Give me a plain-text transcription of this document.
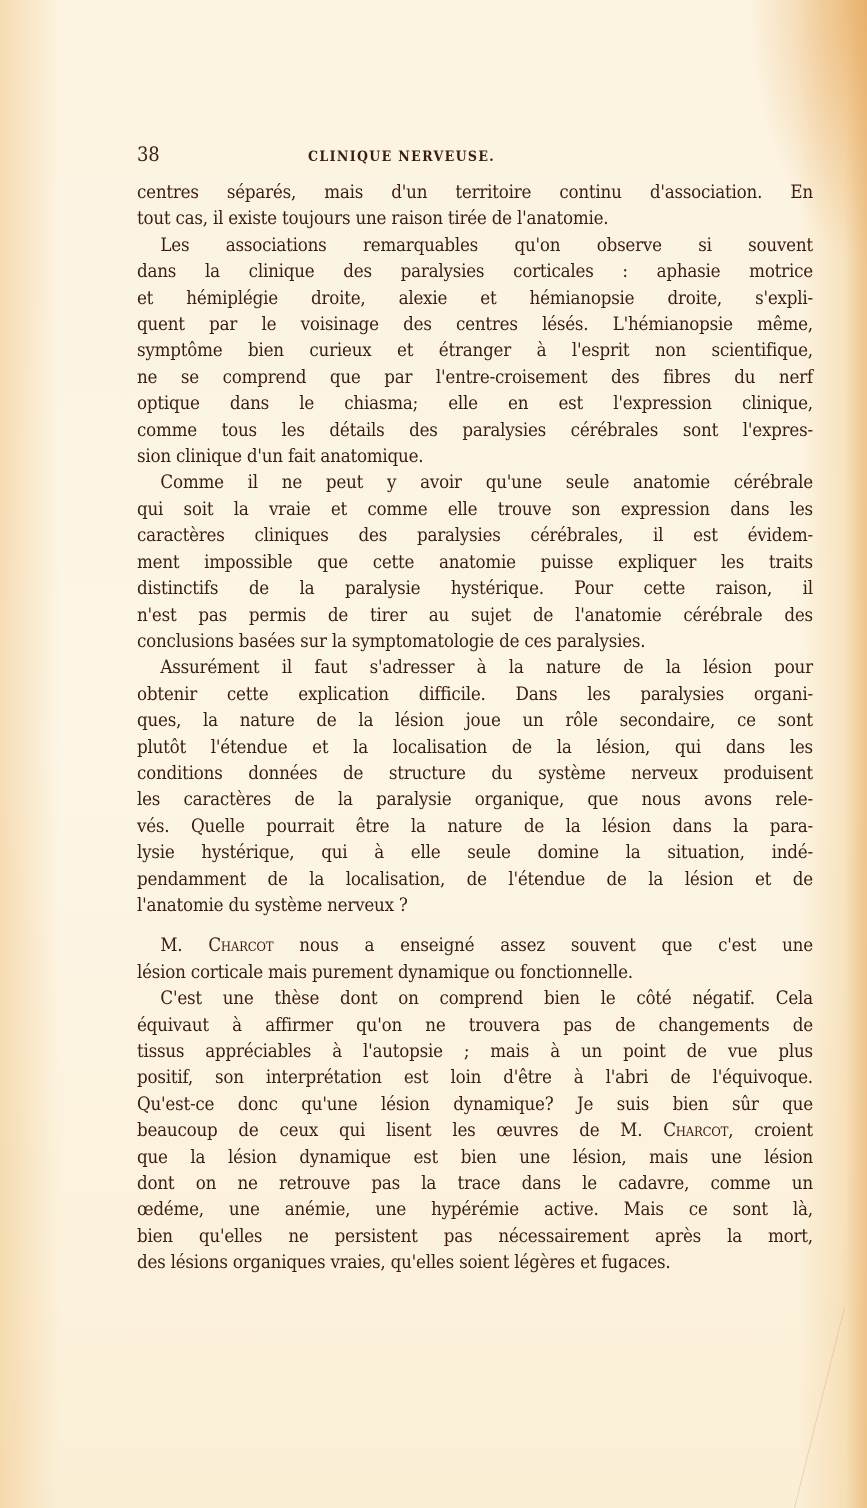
38	CLINIQUE NERVEUSE.

centres séparés, mais d'un territoire continu d'association. En
tout cas, il existe toujours une raison tirée de l'anatomie.

Les associations remarquables qu'on observe si souvent
dans la clinique des paralysies corticales : aphasie motrice
et hémiplégie droite, alexie et hémianopsie droite, s'expli-
quent par le voisinage des centres lésés. L'hémianopsie même,
symptôme bien curieux et étranger à l'esprit non scientifique,
ne se comprend que par l'entre-croisement des fibres du nerf
optique dans le chiasma; elle en est l'expression clinique,
comme tous les détails des paralysies cérébrales sont l'expres-
sion clinique d'un fait anatomique.

Comme il ne peut y avoir qu'une seule anatomie cérébrale
qui soit la vraie et comme elle trouve son expression dans les
caractères cliniques des paralysies cérébrales, il est évidem-
ment impossible que cette anatomie puisse expliquer les traits
distinctifs de la paralysie hystérique. Pour cette raison, il
n'est pas permis de tirer au sujet de l'anatomie cérébrale des
conclusions basées sur la symptomatologie de ces paralysies.

Assurément il faut s'adresser à la nature de la lésion pour
obtenir cette explication difficile. Dans les paralysies organi-
ques, la nature de la lésion joue un rôle secondaire, ce sont
plutôt l'étendue et la localisation de la lésion, qui dans les
conditions données de structure du système nerveux produisent
les caractères de la paralysie organique, que nous avons rele-
vés. Quelle pourrait être la nature de la lésion dans la para-
lysie hystérique, qui à elle seule domine la situation, indé-
pendamment de la localisation, de l'étendue de la lésion et de
l'anatomie du système nerveux ?

M. Charcot nous a enseigné assez souvent que c'est une
lésion corticale mais purement dynamique ou fonctionnelle.

C'est une thèse dont on comprend bien le côté négatif. Cela
équivaut à affirmer qu'on ne trouvera pas de changements de
tissus appréciables à l'autopsie ; mais à un point de vue plus
positif, son interprétation est loin d'être à l'abri de l'équivoque.
Qu'est-ce donc qu'une lésion dynamique? Je suis bien sûr que
beaucoup de ceux qui lisent les œuvres de M. Charcot, croient
que la lésion dynamique est bien une lésion, mais une lésion
dont on ne retrouve pas la trace dans le cadavre, comme un
œdéme, une anémie, une hypérémie active. Mais ce sont là,
bien qu'elles ne persistent pas nécessairement après la mort,
des lésions organiques vraies, qu'elles soient légères et fugaces.
